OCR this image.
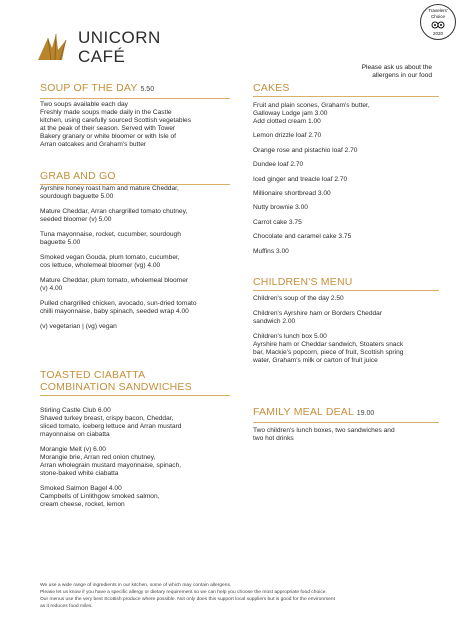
UNICORN
CAFÉ
Travelers'
Choice
2020
Please ask us about the
allergens in our food
SOUP OF THE DAY 5.50
Two soups available each day
Freshly made soups made daily in the Castle
kitchen, using carefully sourced Scottish vegetables
at the peak of their season. Served with Tower
Bakery granary or white bloomer or with Isle of
Arran oatcakes and Graham's butter
GRAB AND GO
Ayrshire honey roast ham and mature Cheddar,
sourdough baguette 5.00
Mature Cheddar, Arran chargrilled tomato chutney,
seeded bloomer (v) 5.00
Tuna mayonnaise, rocket, cucumber, sourdough
baguette 5.00
Smoked vegan Gouda, plum tomato, cucumber,
cos lettuce, wholemeal bloomer (vg) 4.00
Mature Cheddar, plum tomato, wholemeal bloomer
(v) 4.00
Pulled chargrilled chicken, avocado, sun-dried tomato
chilli mayonnaise, baby spinach, seeded wrap 4.00
(v) vegetarian | (vg) vegan
TOASTED CIABATTA
COMBINATION SANDWICHES
Stirling Castle Club 6.00
Shaved turkey breast, crispy bacon, Cheddar,
sliced tomato, iceberg lettuce and Arran mustard
mayonnaise on ciabatta
Morangie Melt (v) 6.00
Morangie brie, Arran red onion chutney,
Arran wholegrain mustard mayonnaise, spinach,
stone-baked white ciabatta
Smoked Salmon Bagel 4.00
Campbells of Linlithgow smoked salmon,
cream cheese, rocket, lemon
CAKES
Fruit and plain scones, Graham's butter,
Galloway Lodge jam 3.00
Add clotted cream 1.00
Lemon drizzle loaf 2.70
Orange rose and pistachio loaf 2.70
Dundee loaf 2.70
Iced ginger and treacle loaf 2.70
Millionaire shortbread 3.00
Nutty brownie 3.00
Carrot cake 3.75
Chocolate and caramel cake 3.75
Muffins 3.00
CHILDREN'S MENU
Children's soup of the day 2.50
Children's Ayrshire ham or Borders Cheddar
sandwich 2.00
Children's lunch box 5.00
Ayrshire ham or Cheddar sandwich, Stoaters snack
bar, Mackie's popcorn, piece of fruit, Scottish spring
water, Graham's milk or carton of fruit juice
FAMILY MEAL DEAL 19.00
Two children's lunch boxes, two sandwiches and
two hot drinks
We use a wide range of ingredients in our kitchen, some of which may contain allergens.
Please let us know if you have a specific allergy or dietary requirement so we can help you choose the most appropriate food choice.
Our menus use the very best Scottish produce where possible. Not only does this support local suppliers but is good for the environment
as it reduces food miles.
